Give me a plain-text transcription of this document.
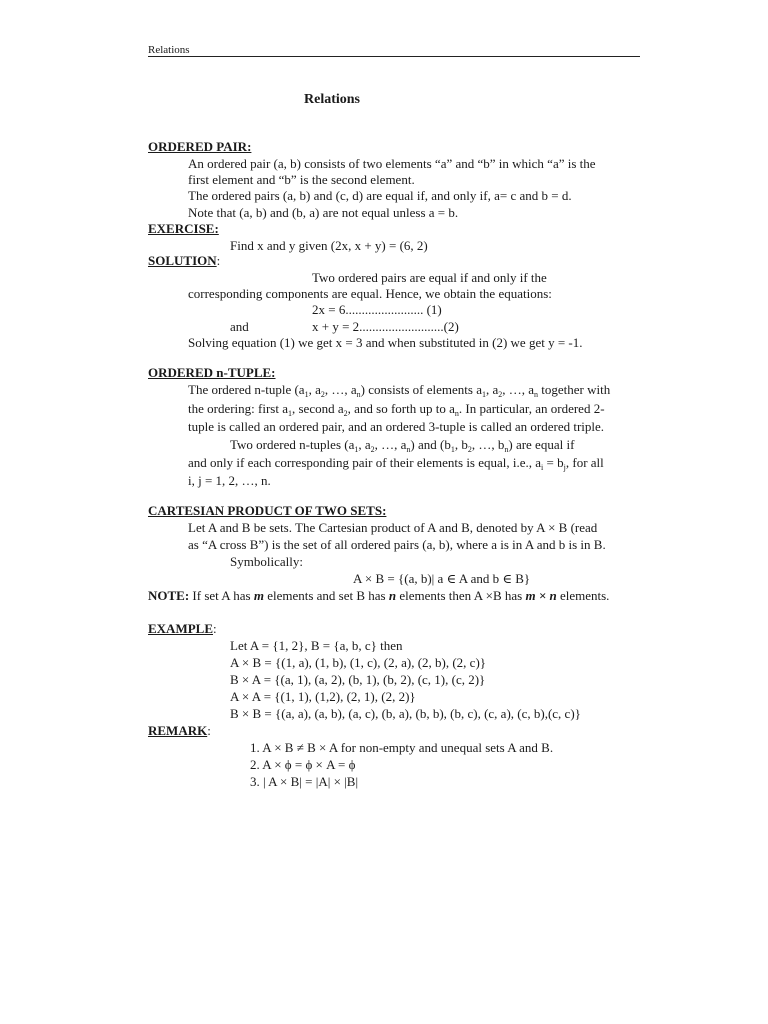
Relations
Relations
ORDERED PAIR:
An ordered pair (a, b) consists of two elements “a” and “b” in which “a” is the
first element and “b” is the second element.
The ordered pairs (a, b) and (c, d) are equal if, and only if, a= c and b = d.
Note that (a, b) and (b, a) are not equal unless a = b.
EXERCISE:
Find x and y given (2x, x + y) = (6, 2)
SOLUTION:
Two ordered pairs are equal if and only if the
corresponding components are equal. Hence, we obtain the equations:
2x = 6........................ (1)
and	x + y = 2..........................(2)
Solving equation (1) we get x = 3 and when substituted in (2) we get y = -1.
ORDERED n-TUPLE:
The ordered n-tuple ($a_1$, $a_2$, …, $a_n$) consists of elements $a_1$, $a_2$, …, $a_n$ together with
the ordering: first $a_1$, second $a_2$, and so forth up to $a_n$. In particular, an ordered 2-
tuple is called an ordered pair, and an ordered 3-tuple is called an ordered triple.
Two ordered n-tuples ($a_1$, $a_2$, …, $a_n$) and ($b_1$, $b_2$, …, $b_n$) are equal if
and only if each corresponding pair of their elements is equal, i.e., $a_i = b_j$, for all
i, j = 1, 2, …, n.
CARTESIAN PRODUCT OF TWO SETS:
Let A and B be sets. The Cartesian product of A and B, denoted by A × B (read
as “A cross B”) is the set of all ordered pairs (a, b), where a is in A and b is in B.
Symbolically:
A × B = {(a, b)| a ∈ A and b ∈ B}
NOTE: If set A has m elements and set B has n elements then A ×B has m × n elements.
EXAMPLE:
Let A = {1, 2}, B = {a, b, c} then
A × B = {(1, a), (1, b), (1, c), (2, a), (2, b), (2, c)}
B × A = {(a, 1), (a, 2), (b, 1), (b, 2), (c, 1), (c, 2)}
A × A = {(1, 1), (1,2), (2, 1), (2, 2)}
B × B = {(a, a), (a, b), (a, c), (b, a), (b, b), (b, c), (c, a), (c, b),(c, c)}
REMARK:
1. A × B ≠ B × A for non-empty and unequal sets A and B.
2. A × ϕ = ϕ × A = ϕ
3. | A × B| = |A| × |B|
